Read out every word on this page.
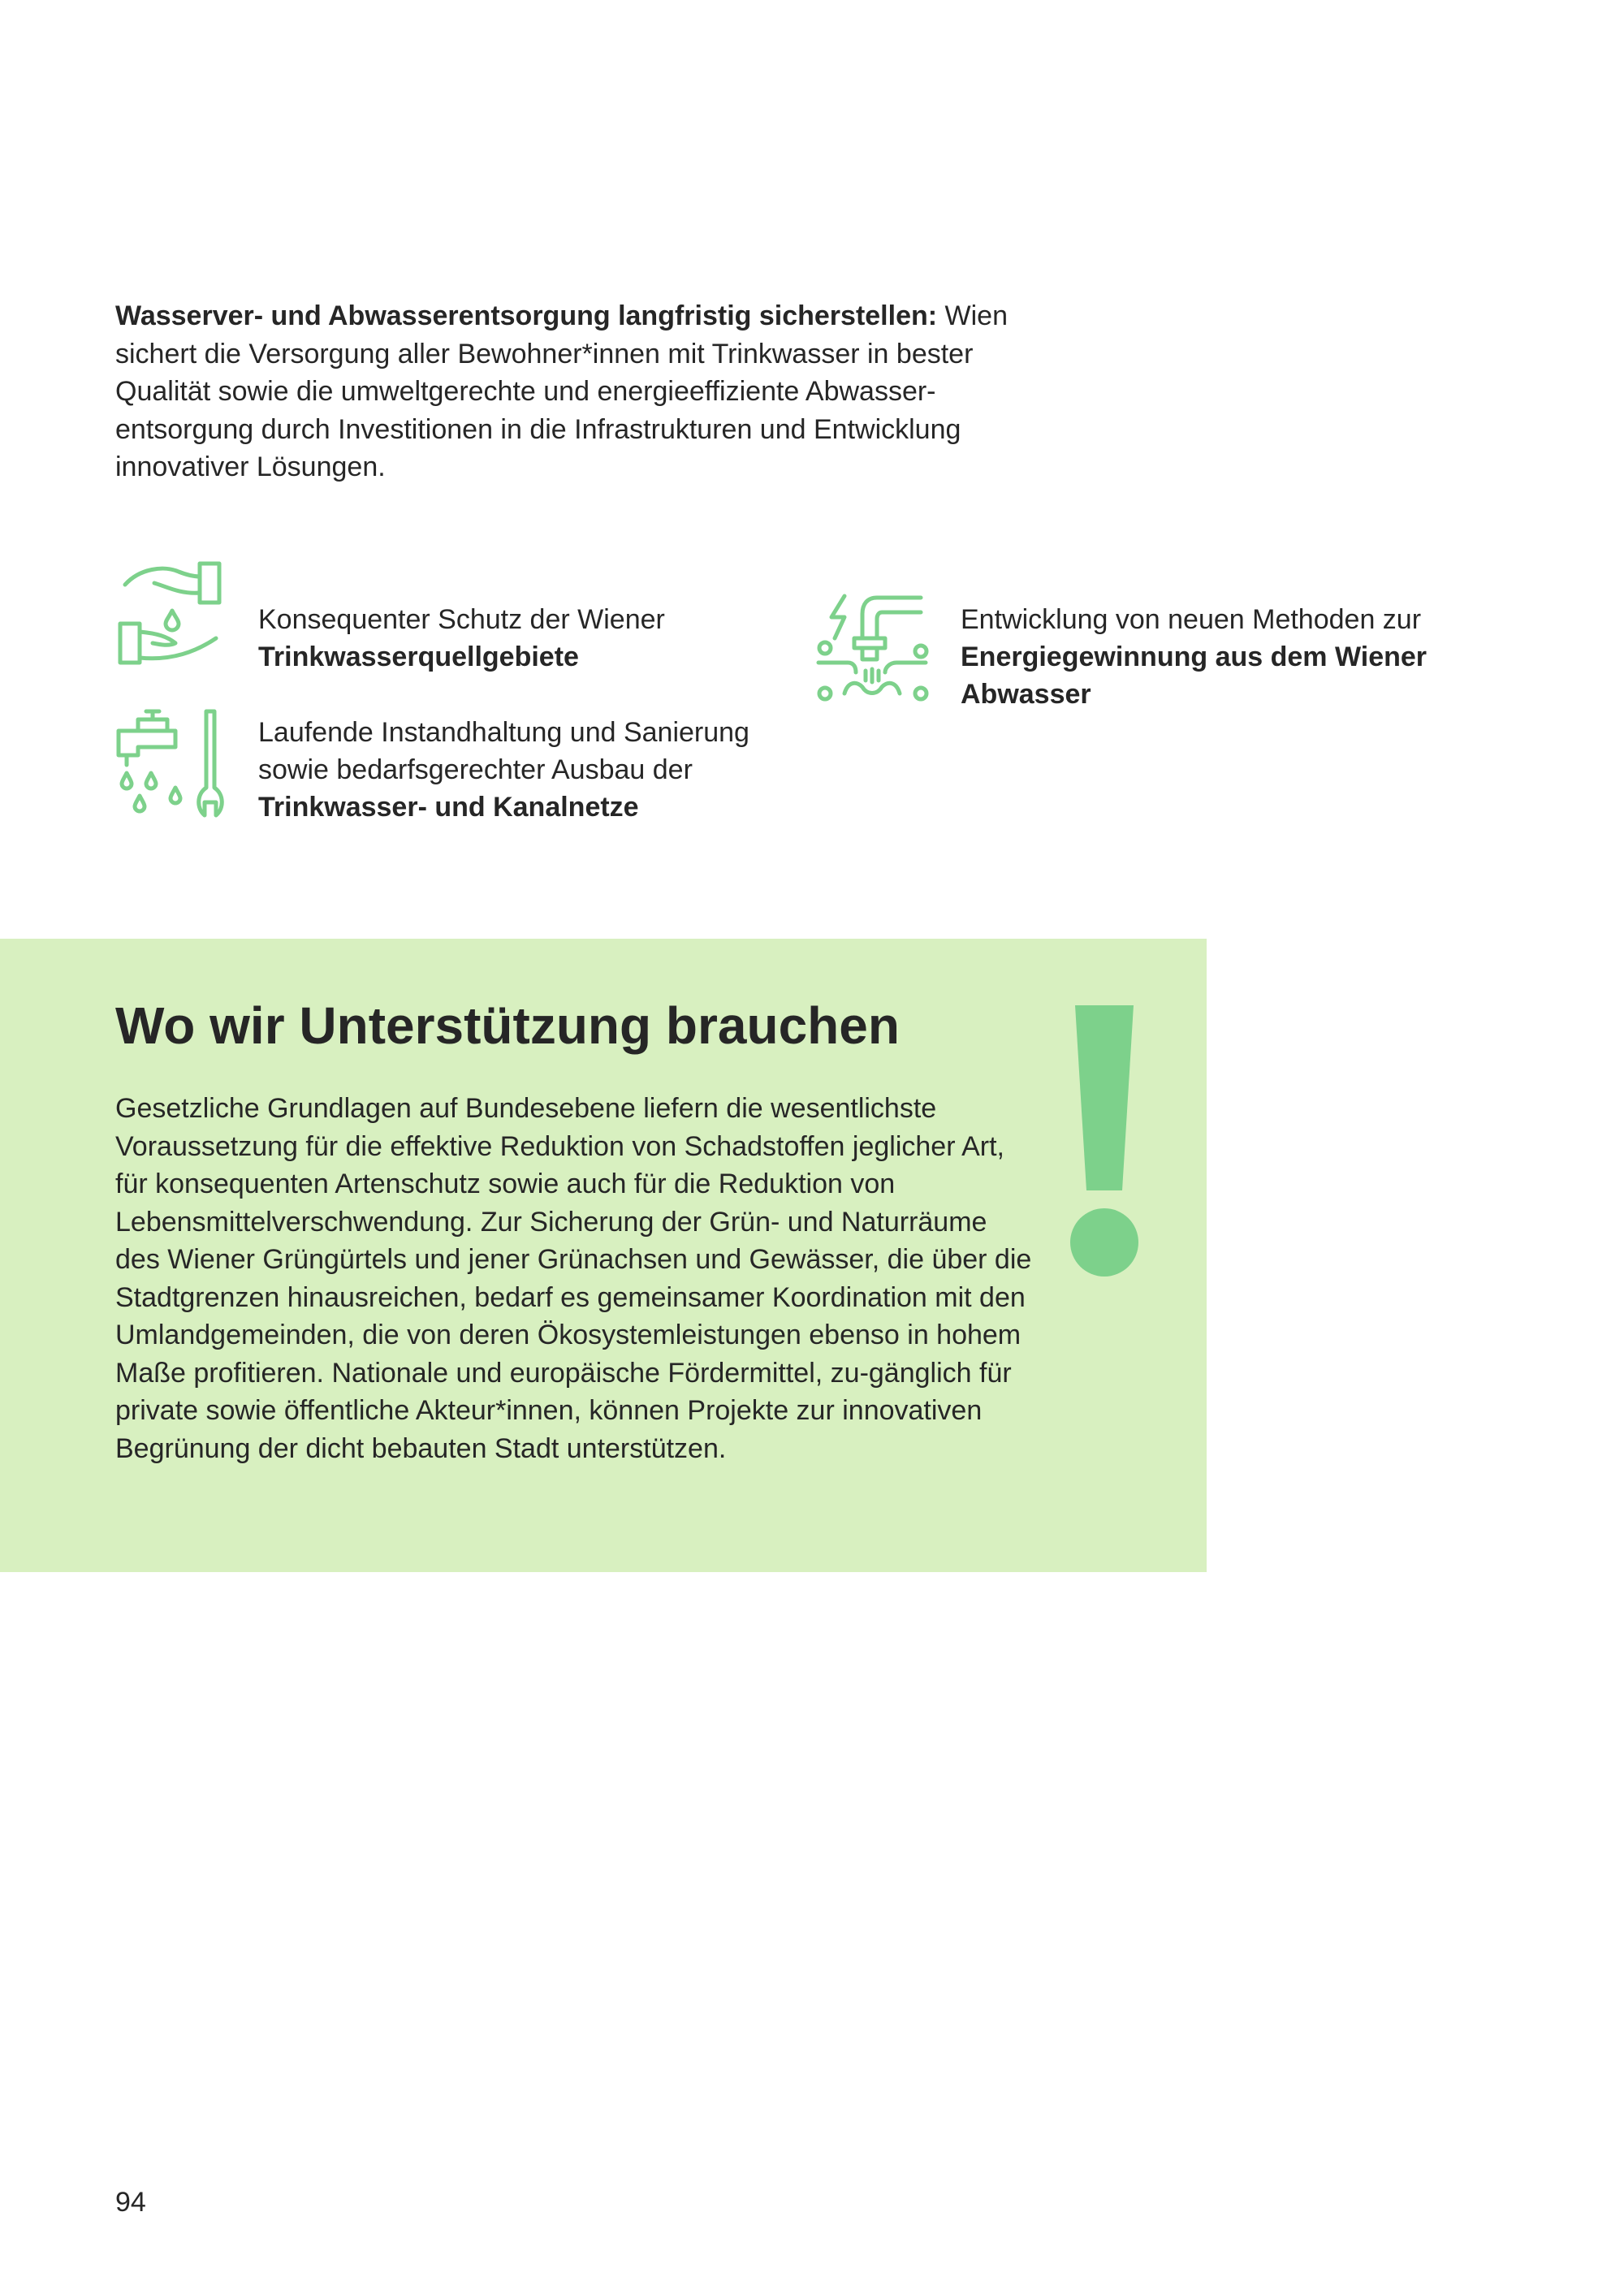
Wasserver- und Abwasserentsorgung langfristig sicherstellen: Wien sichert die Versorgung aller Bewohner*innen mit Trinkwasser in bester Qualität sowie die umweltgerechte und energieeffiziente Abwasser-entsorgung durch Investitionen in die Infrastrukturen und Entwicklung innovativer Lösungen.

Konsequenter Schutz der Wiener
Trinkwasserquellgebiete

Laufende Instandhaltung und Sanierung sowie bedarfsgerechter Ausbau der
Trinkwasser- und Kanalnetze

Entwicklung von neuen Methoden zur
Energiegewinnung aus dem Wiener Abwasser

Wo wir Unterstützung brauchen

Gesetzliche Grundlagen auf Bundesebene liefern die wesentlichste Voraussetzung für die effektive Reduktion von Schadstoffen jeglicher Art, für konsequenten Artenschutz sowie auch für die Reduktion von Lebensmittelverschwendung. Zur Sicherung der Grün- und Naturräume des Wiener Grüngürtels und jener Grünachsen und Gewässer, die über die Stadtgrenzen hinausreichen, bedarf es gemeinsamer Koordination mit den Umlandgemeinden, die von deren Ökosystemleistungen ebenso in hohem Maße profitieren. Nationale und europäische Fördermittel, zu-gänglich für private sowie öffentliche Akteur*innen, können Projekte zur innovativen Begrünung der dicht bebauten Stadt unterstützen.

94
